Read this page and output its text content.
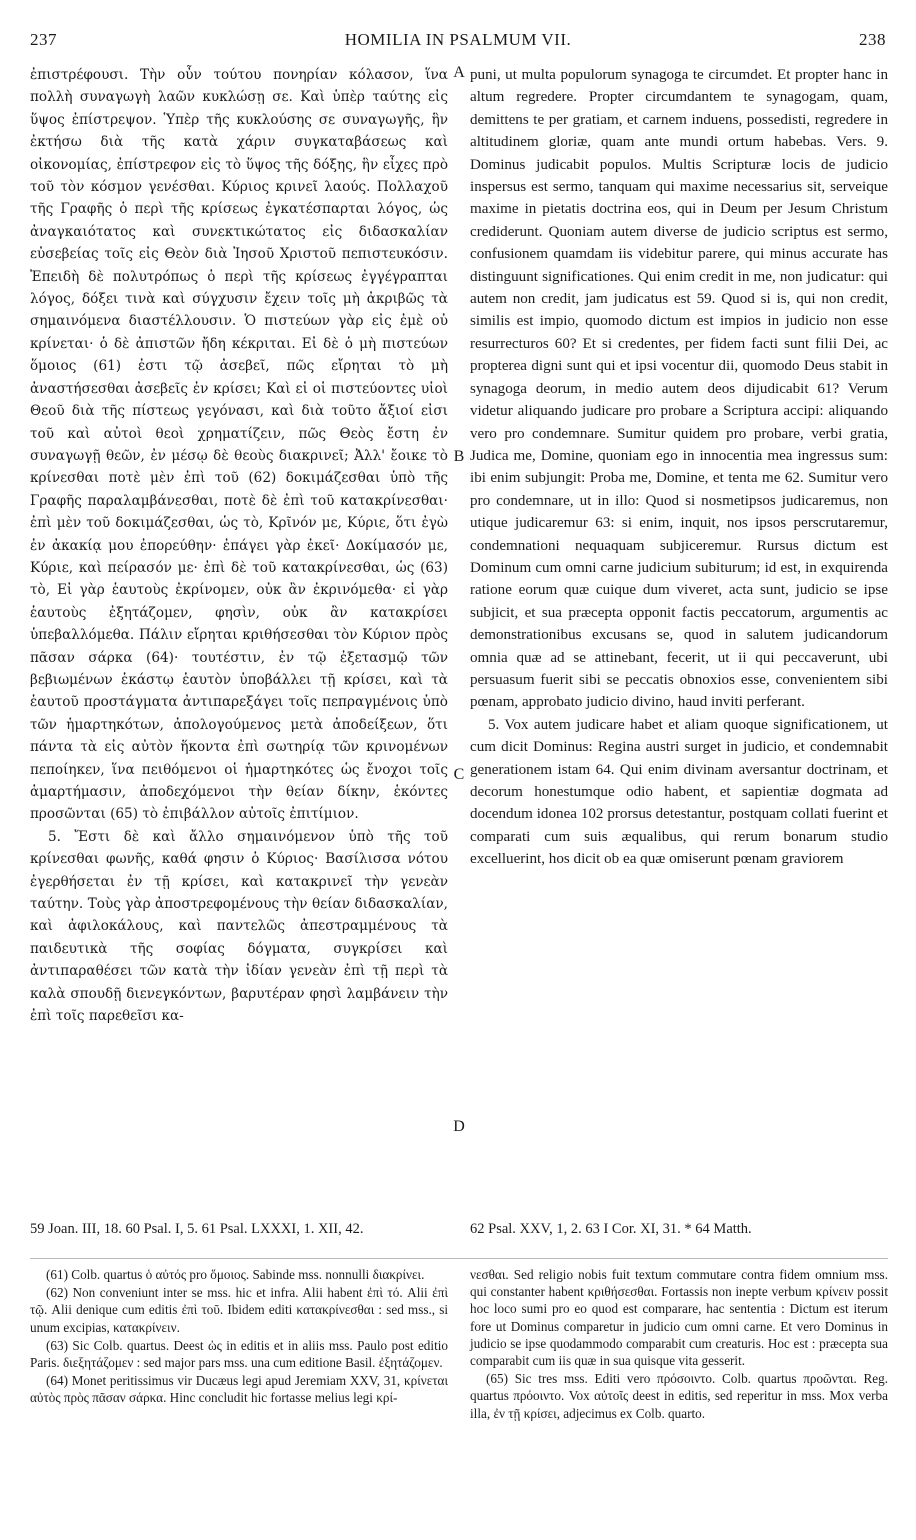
237	HOMILIA IN PSALMUM VII.	238

ἐπιστρέφουσι. Τὴν οὖν τούτου πονηρίαν κόλασον, ἵνα πολλὴ συναγωγὴ λαῶν κυκλώσῃ σε. Καὶ ὑπὲρ ταύτης εἰς ὕψος ἐπίστρεψον. Ὑπὲρ τῆς κυκλούσης σε συναγωγῆς, ἣν ἐκτήσω διὰ τῆς κατὰ χάριν συγκαταβάσεως καὶ οἰκονομίας, ἐπίστρεφον εἰς τὸ ὕψος τῆς δόξης, ἣν εἶχες πρὸ τοῦ τὸν κόσμον γενέσθαι. Κύριος κρινεῖ λαούς. Πολλαχοῦ τῆς Γραφῆς ὁ περὶ τῆς κρίσεως ἐγκατέσπαρται λόγος, ὡς ἀναγκαιότατος καὶ συνεκτικώτατος εἰς διδασκαλίαν εὐσεβείας τοῖς εἰς Θεὸν διὰ Ἰησοῦ Χριστοῦ πεπιστευκόσιν. Ἐπειδὴ δὲ πολυτρόπως ὁ περὶ τῆς κρίσεως ἐγγέγραπται λόγος, δόξει τινὰ καὶ σύγχυσιν ἔχειν τοῖς μὴ ἀκριβῶς τὰ σημαινόμενα διαστέλλουσιν. Ὁ πιστεύων γὰρ εἰς ἐμὲ οὐ κρίνεται· ὁ δὲ ἀπιστῶν ἤδη κέκριται. Εἰ δὲ ὁ μὴ πιστεύων ὅμοιος (61) ἐστι τῷ ἀσεβεῖ, πῶς εἴρηται τὸ μὴ ἀναστήσεσθαι ἀσεβεῖς ἐν κρίσει; Καὶ εἰ οἱ πιστεύοντες υἱοὶ Θεοῦ διὰ τῆς πίστεως γεγόνασι, καὶ διὰ τοῦτο ἄξιοί εἰσι τοῦ καὶ αὐτοὶ θεοὶ χρηματίζειν, πῶς Θεὸς ἔστη ἐν συναγωγῇ θεῶν, ἐν μέσῳ δὲ θεοὺς διακρινεῖ; Ἀλλ' ἔοικε τὸ κρίνεσθαι ποτὲ μὲν ἐπὶ τοῦ (62) δοκιμάζεσθαι ὑπὸ τῆς Γραφῆς παραλαμβάνεσθαι, ποτὲ δὲ ἐπὶ τοῦ κατακρίνεσθαι· ἐπὶ μὲν τοῦ δοκιμάζεσθαι, ὡς τὸ, Κρῖνόν με, Κύριε, ὅτι ἐγὼ ἐν ἀκακίᾳ μου ἐπορεύθην· ἐπάγει γὰρ ἐκεῖ· Δοκίμασόν με, Κύριε, καὶ πείρασόν με· ἐπὶ δὲ τοῦ κατακρίνεσθαι, ὡς (63) τὸ, Εἰ γὰρ ἑαυτοὺς ἐκρίνομεν, οὐκ ἂν ἐκρινόμεθα· εἰ γὰρ ἑαυτοὺς ἐξητάζομεν, φησὶν, οὐκ ἂν κατακρίσει ὑπεβαλλόμεθα. Πάλιν εἴρηται κριθήσεσθαι τὸν Κύριον πρὸς πᾶσαν σάρκα (64)· τουτέστιν, ἐν τῷ ἐξετασμῷ τῶν βεβιωμένων ἑκάστῳ ἑαυτὸν ὑποβάλλει τῇ κρίσει, καὶ τὰ ἑαυτοῦ προστάγματα ἀντιπαρεξάγει τοῖς πεπραγμένοις ὑπὸ τῶν ἡμαρτηκότων, ἀπολογούμενος μετὰ ἀποδείξεων, ὅτι πάντα τὰ εἰς αὐτὸν ἥκοντα ἐπὶ σωτηρίᾳ τῶν κρινομένων πεποίηκεν, ἵνα πειθόμενοι οἱ ἡμαρτηκότες ὡς ἔνοχοι τοῖς ἁμαρτήμασιν, ἀποδεχόμενοι τὴν θείαν δίκην, ἑκόντες προσῶνται (65) τὸ ἐπιβάλλον αὐτοῖς ἐπιτίμιον.

5. Ἔστι δὲ καὶ ἄλλο σημαινόμενον ὑπὸ τῆς τοῦ κρίνεσθαι φωνῆς, καθά φησιν ὁ Κύριος· Βασίλισσα νότου ἐγερθήσεται ἐν τῇ κρίσει, καὶ κατακρινεῖ τὴν γενεὰν ταύτην. Τοὺς γὰρ ἀποστρεφομένους τὴν θείαν διδασκαλίαν, καὶ ἀφιλοκάλους, καὶ παντελῶς ἀπεστραμμένους τὰ παιδευτικὰ τῆς σοφίας δόγματα, συγκρίσει καὶ ἀντιπαραθέσει τῶν κατὰ τὴν ἰδίαν γενεὰν ἐπὶ τῇ περὶ τὰ καλὰ σπουδῇ διενεγκόντων, βαρυτέραν φησὶ λαμβάνειν τὴν ἐπὶ τοῖς παρεθεῖσι κα-

A
B
C
D

puni, ut multa populorum synagoga te circumdet. Et propter hanc in altum regredere. Propter circumdantem te synagogam, quam, demittens te per gratiam, et carnem induens, possedisti, regredere in altitudinem gloriæ, quam ante mundi ortum habebas. Vers. 9. Dominus judicabit populos. Multis Scripturæ locis de judicio inspersus est sermo, tanquam qui maxime necessarius sit, serveique maxime in pietatis doctrina eos, qui in Deum per Jesum Christum crediderunt. Quoniam autem diverse de judicio scriptus est sermo, confusionem quamdam iis videbitur parere, qui minus accurate has distinguunt significationes. Qui enim credit in me, non judicatur: qui autem non credit, jam judicatus est 59. Quod si is, qui non credit, similis est impio, quomodo dictum est impios in judicio non esse resurrecturos 60? Et si credentes, per fidem facti sunt filii Dei, ac propterea digni sunt qui et ipsi vocentur dii, quomodo Deus stabit in synagoga deorum, in medio autem deos dijudicabit 61? Verum videtur aliquando judicare pro probare a Scriptura accipi: aliquando vero pro condemnare. Sumitur quidem pro probare, verbi gratia, Judica me, Domine, quoniam ego in innocentia mea ingressus sum: ibi enim subjungit: Proba me, Domine, et tenta me 62. Sumitur vero pro condemnare, ut in illo: Quod si nosmetipsos judicaremus, non utique judicaremur 63: si enim, inquit, nos ipsos perscrutaremur, condemnationi nequaquam subjiceremur. Rursus dictum est Dominum cum omni carne judicium subiturum; id est, in exquirenda ratione eorum quæ cuique dum viveret, acta sunt, judicio se ipse subjicit, et sua præcepta opponit factis peccatorum, argumentis ac demonstrationibus excusans se, quod in salutem judicandorum omnia quæ ad se attinebant, fecerit, ut ii qui peccaverunt, ubi persuasum fuerit sibi se peccatis obnoxios esse, convenientem sibi pœnam, approbato judicio divino, haud inviti perferant.

5. Vox autem judicare habet et aliam quoque significationem, ut cum dicit Dominus: Regina austri surget in judicio, et condemnabit generationem istam 64. Qui enim divinam aversantur doctrinam, et decorum honestumque odio habent, et sapientiæ dogmata ad docendum idonea 102 prorsus detestantur, postquam collati fuerint et comparati cum suis æqualibus, qui rerum bonarum studio excelluerint, hos dicit ob ea quæ omiserunt pœnam graviorem

59 Joan. III, 18. 60 Psal. I, 5. 61 Psal. LXXXI, 1. XII, 42.	62 Psal. XXV, 1, 2. 63 I Cor. XI, 31. * 64 Matth.

(61) Colb. quartus ὁ αὐτός pro ὅμοιος. Sabinde mss. nonnulli διακρίνει.

(62) Non conveniunt inter se mss. hic et infra. Alii habent ἐπὶ τό. Alii ἐπὶ τῷ. Alii denique cum editis ἐπὶ τοῦ. Ibidem editi κατακρίνεσθαι : sed mss., si unum excipias, κατακρίνειν.

(63) Sic Colb. quartus. Deest ὡς in editis et in aliis mss. Paulo post editio Paris. διεξητάζομεν : sed major pars mss. una cum editione Basil. ἐξητάζομεν.

(64) Monet peritissimus vir Ducæus legi apud Jeremiam XXV, 31, κρίνεται αὐτὸς πρὸς πᾶσαν σάρκα. Hinc concludit hic fortasse melius legi κρί-

νεσθαι. Sed religio nobis fuit textum commutare contra fidem omnium mss. qui constanter habent κριθήσεσθαι. Fortassis non inepte verbum κρίνειν possit hoc loco sumi pro eo quod est comparare, hac sententia : Dictum est iterum fore ut Dominus comparetur in judicio cum omni carne. Et vero Dominus in judicio se ipse quodammodo comparabit cum creaturis. Hoc est : præcepta sua comparabit cum iis quæ in sua quisque vita gesserit.

(65) Sic tres mss. Editi vero πρόσοιντο. Colb. quartus προῶνται. Reg. quartus πρόοιντο. Vox αὐτοῖς deest in editis, sed reperitur in mss. Mox verba illa, ἐν τῇ κρίσει, adjecimus ex Colb. quarto.
